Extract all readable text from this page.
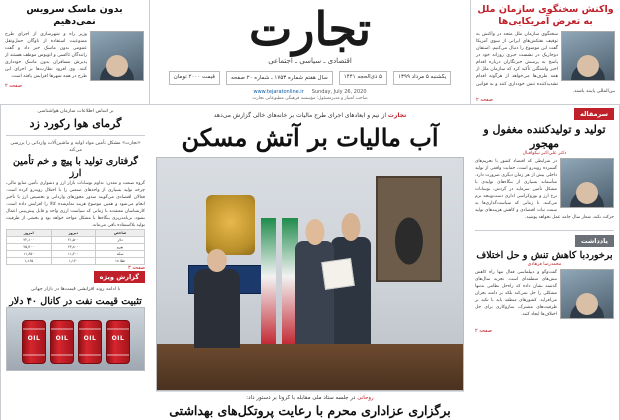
واکنش سخنگوی سازمان ملل به تعرض آمریکایی‌ها
سخنگوی سازمان ملل متحد در واکنش به توقیف نفتکش‌های ایرانی از سوی آمریکا گفت این موضوع را دنبال می‌کنیم. استفان دوجاریک در نشست خبری روزانه خود در پاسخ به پرسش خبرنگاران درباره اقدام اخیر واشنگتن تأکید کرد که سازمان ملل از همه طرف‌ها می‌خواهد از هرگونه اقدام تشدیدکننده تنش خودداری کنند و به قوانین بین‌المللی پایبند باشند.
صفحه ۲
تجارت
اقتصادی ـ سیاسی ـ اجتماعی
یکشنبه ۵ مرداد ۱۳۹۹
۵ ذی‌الحجه ۱۴۴۱
سال هفتم شماره ۱۷۵۳ ـ شماره ۲۰ صفحه
قیمت ۲۰۰۰ تومان
Sunday, July 26, 2020
www.tejaratonline.ir
صاحب امتیاز و مدیرمسئول: مؤسسه فرهنگی مطبوعاتی تجارت
بدون ماسک سرویس نمی‌دهیم
وزیر راه و شهرسازی از اجرای طرح ممنوعیت استفاده از ناوگان حمل‌ونقل عمومی بدون ماسک خبر داد و گفت رانندگان تاکسی و اتوبوس موظف هستند از پذیرش مسافران بدون ماسک خودداری کنند. وی افزود نظارت‌ها بر اجرای این طرح در همه شهرها افزایش یافته است.
صفحه ۲
سرمقاله
تولید و تولیدکننده مغفول و مهجور
دکتر علی‌اکبر نیکواقبال
در شرایطی که اقتصاد کشور با تحریم‌های گسترده روبه‌رو است، حمایت واقعی از تولید داخلی بیش از هر زمان دیگری ضرورت دارد. متأسفانه بسیاری از بنگاه‌های تولیدی با مشکل تأمین سرمایه در گردش، نوسانات نرخ ارز و بوروکراسی اداری دست‌وپنجه نرم می‌کنند. تا زمانی که سیاست‌گذاری‌ها به سمت ثبات اقتصادی و کاهش هزینه‌های تولید حرکت نکند، شعار سال جامه عمل نخواهد پوشید.
یادداشت
برخوردبا کاهش تنش و حل اختلاف
محمدرضا فرهادی
گفت‌وگو و دیپلماسی فعال تنها راه کاهش تنش‌های منطقه‌ای است. تجربه سال‌های گذشته نشان داده که راه‌حل نظامی نه‌تنها مشکلی را حل نمی‌کند بلکه بر دامنه بحران می‌افزاید. کشورهای منطقه باید با تکیه بر ظرفیت‌های مشترک، سازوکاری برای حل اختلاف‌ها ایجاد کنند.
صفحه ۲
تجارت از نیم و ابعادهای اجرای طرح مالیات بر خانه‌های خالی گزارش می‌دهد
آب مالیات بر آتش مسکن
روحانی در جلسه ستاد ملی مقابله با کرونا بر دستور داد:
برگزاری عزاداری محرم با رعایت پروتکل‌های بهداشتی
بر اساس اطلاعات سازمان هواشناسی
گرمای هوا رکورد زد
«تجارت» مشکل تأمین مواد اولیه و ماشین‌آلات وارداتی را بررسی می‌کند
گرفتاری تولید با پیچ و خم تأمین ارز
گروه صنعت و معدن: تداوم نوسانات بازار ارز و دشواری تأمین منابع مالی، چرخه تولید بسیاری از واحدهای صنعتی را با اختلال روبه‌رو کرده است. فعالان اقتصادی می‌گویند صدور مجوزهای وارداتی و تخصیص ارز با تأخیر انجام می‌شود و همین موضوع هزینه تمام‌شده کالا را افزایش داده است. کارشناسان معتقدند تا زمانی که سیاست ارزی واحد و قابل پیش‌بینی اعمال نشود، برنامه‌ریزی بنگاه‌ها با مشکل مواجه خواهد بود و بخشی از ظرفیت تولید بلااستفاده باقی می‌ماند.
شاخص	دیروز	امروز
دلار	۲۱٫۵۰۰	۲۲٫۱۰۰
یورو	۲۴٫۸۰۰	۲۵٫۴۰۰
سکه	۱۱٫۲۰۰	۱۱٫۶۵۰
طلا ۱۸	۱٫۱۲۰	۱٫۱۶۵
صفحه ۳
گزارش ویژه
با ادامه روند افزایشی قیمت‌ها در بازار جهانی
تثبیت قیمت نفت در کانال ۴۰ دلار
OIL
OIL
OIL
OIL
